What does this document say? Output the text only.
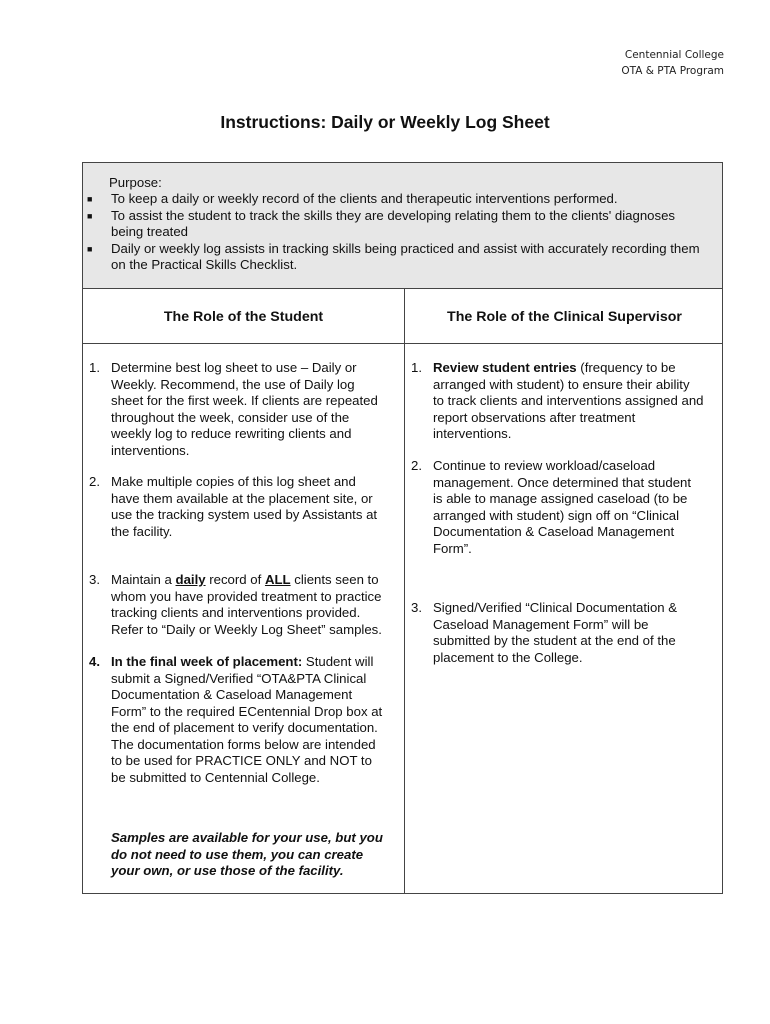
Centennial College
OTA & PTA Program
Instructions: Daily or Weekly Log Sheet
Purpose:
■ To keep a daily or weekly record of the clients and therapeutic interventions performed.
■ To assist the student to track the skills they are developing relating them to the clients' diagnoses being treated
■ Daily or weekly log assists in tracking skills being practiced and assist with accurately recording them on the Practical Skills Checklist.
The Role of the Student	The Role of the Clinical Supervisor
1. Determine best log sheet to use – Daily or
Weekly. Recommend, the use of Daily log
sheet for the first week. If clients are repeated
throughout the week, consider use of the
weekly log to reduce rewriting clients and
interventions.
2. Make multiple copies of this log sheet and
have them available at the placement site, or
use the tracking system used by Assistants at
the facility.
3. Maintain a daily record of ALL clients seen to
whom you have provided treatment to practice
tracking clients and interventions provided.
Refer to “Daily or Weekly Log Sheet” samples.
4. In the final week of placement: Student will
submit a Signed/Verified “OTA&PTA Clinical
Documentation & Caseload Management
Form” to the required ECentennial Drop box at
the end of placement to verify documentation.
The documentation forms below are intended
to be used for PRACTICE ONLY and NOT to
be submitted to Centennial College.
Samples are available for your use, but you
do not need to use them, you can create
your own, or use those of the facility.
1. Review student entries (frequency to be
arranged with student) to ensure their ability
to track clients and interventions assigned and
report observations after treatment
interventions.
2. Continue to review workload/caseload
management. Once determined that student
is able to manage assigned caseload (to be
arranged with student) sign off on “Clinical
Documentation & Caseload Management
Form”.
3. Signed/Verified “Clinical Documentation &
Caseload Management Form” will be
submitted by the student at the end of the
placement to the College.
